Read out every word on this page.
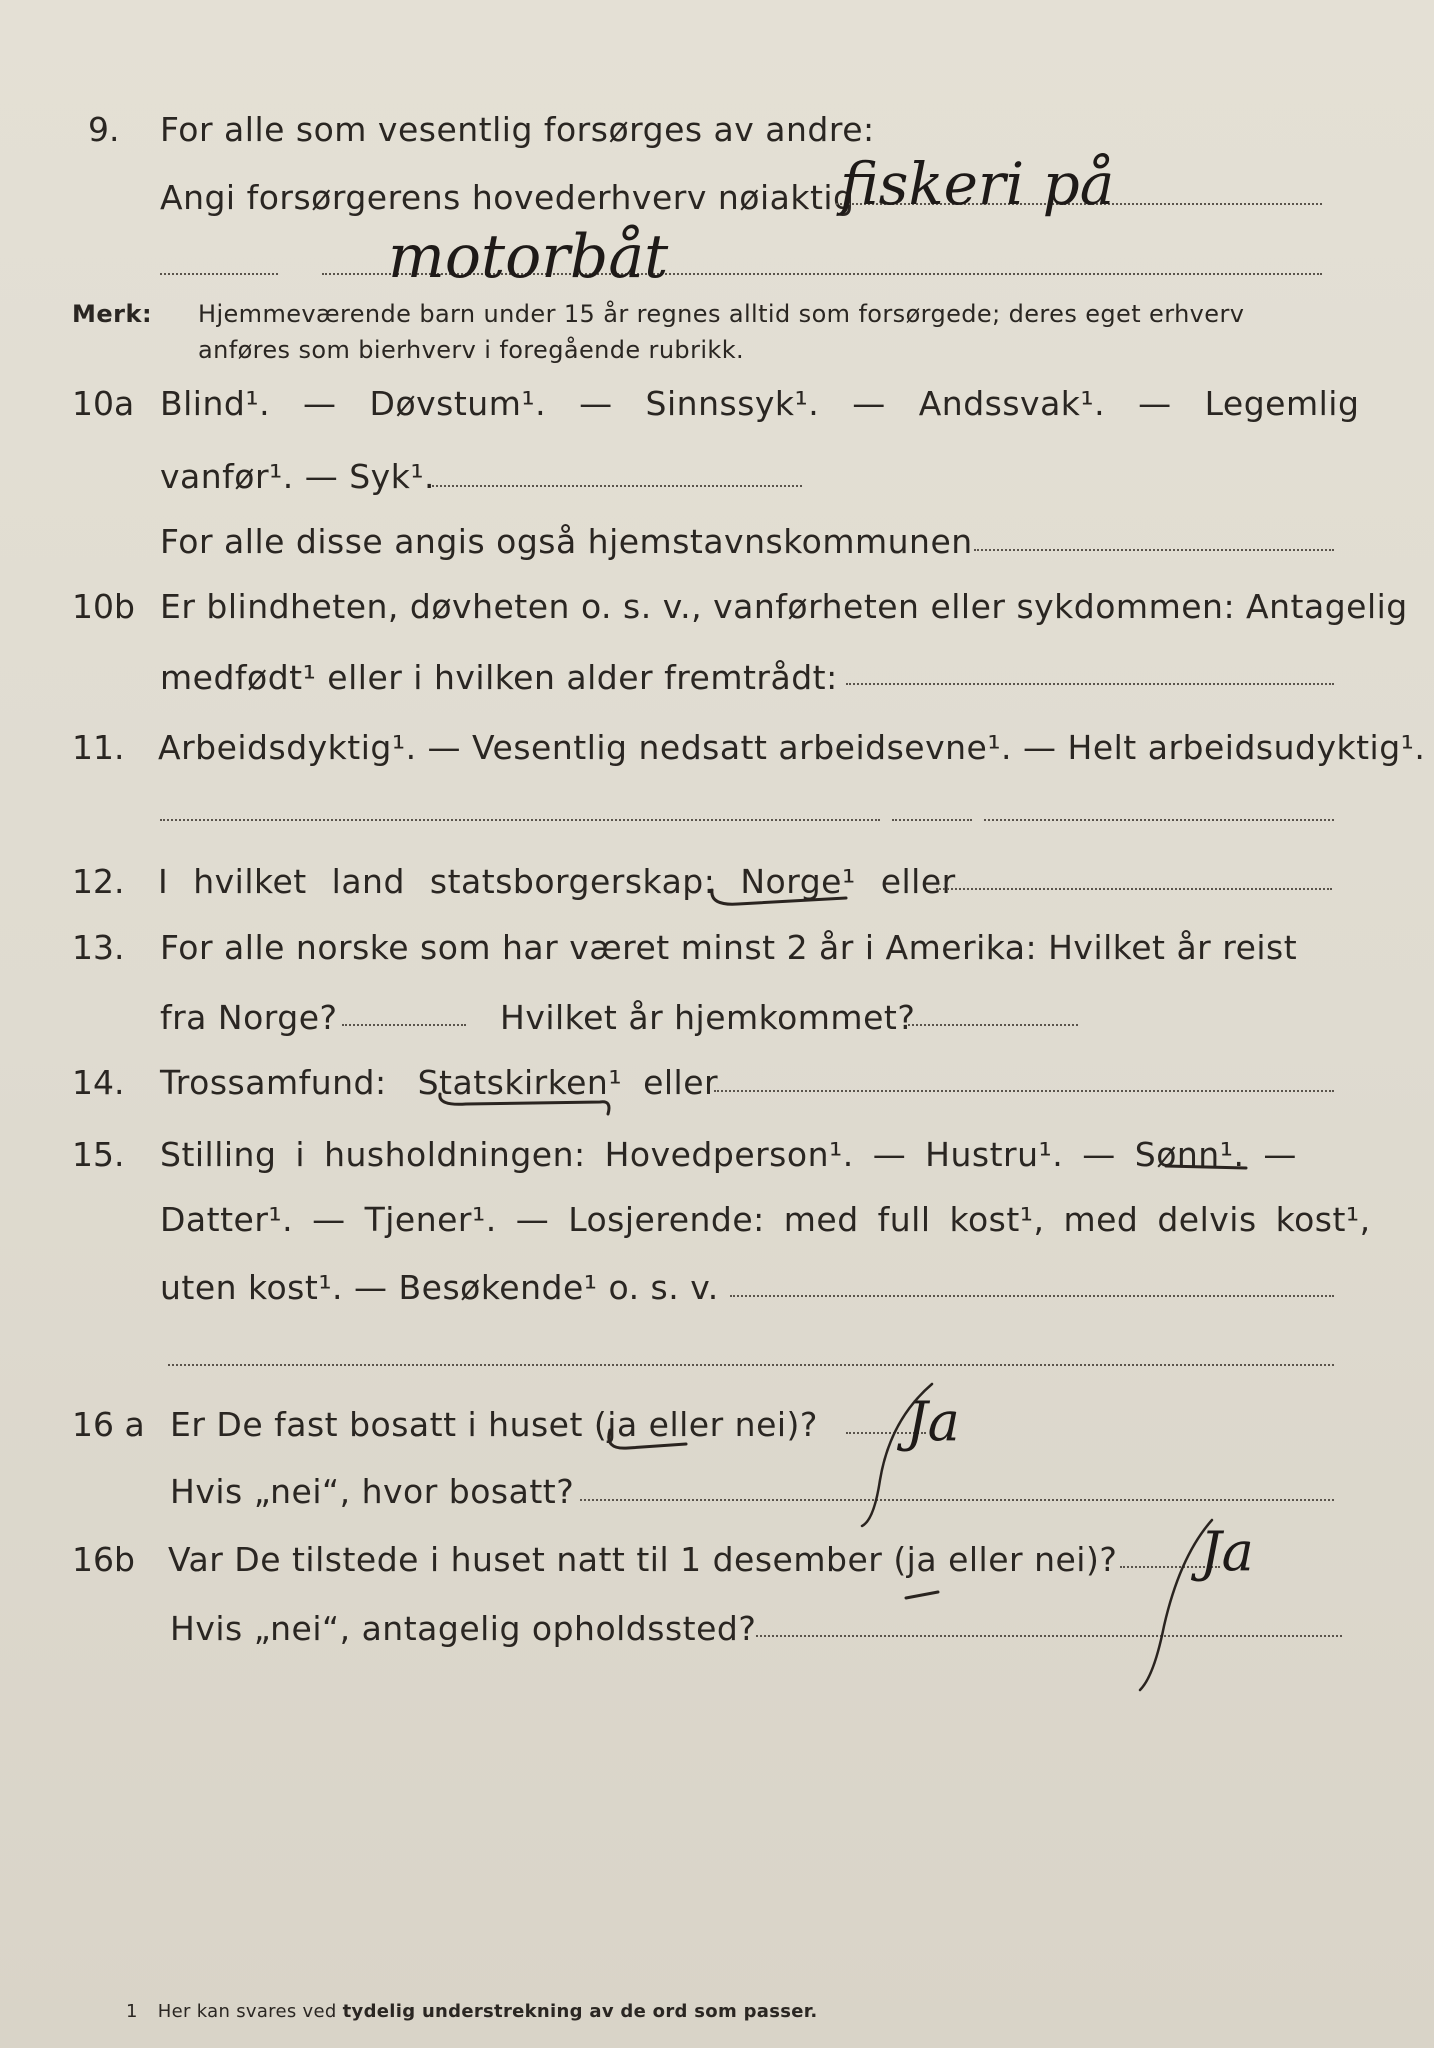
9. For alle som vesentlig forsørges av andre:
Angi forsørgerens hovederhverv nøiaktig
fiskeri på
motorbåt
Merk: Hjemmeværende barn under 15 år regnes alltid som forsørgede; deres eget erhverv
anføres som bierhverv i foregående rubrikk.
10a Blind¹. — Døvstum¹. — Sinnssyk¹. — Andssvak¹. — Legemlig
vanfør¹. — Syk¹.
For alle disse angis også hjemstavnskommunen
10b Er blindheten, døvheten o. s. v., vanførheten eller sykdommen: Antagelig
medfødt¹ eller i hvilken alder fremtrådt:
11. Arbeidsdyktig¹. — Vesentlig nedsatt arbeidsevne¹. — Helt arbeidsudyktig¹.
12. I hvilket land statsborgerskap: Norge¹ eller
13. For alle norske som har været minst 2 år i Amerika: Hvilket år reist
fra Norge?	Hvilket år hjemkommet?
14. Trossamfund: Statskirken¹ eller
15. Stilling i husholdningen: Hovedperson¹. — Hustru¹. — Sønn¹. —
Datter¹. — Tjener¹. — Losjerende: med full kost¹, med delvis kost¹,
uten kost¹. — Besøkende¹ o. s. v.
16 a Er De fast bosatt i huset (ja eller nei)? Ja
Hvis „nei“, hvor bosatt?
16b Var De tilstede i huset natt til 1 desember (ja eller nei)? Ja
Hvis „nei“, antagelig opholdssted?
1 Her kan svares ved tydelig understrekning av de ord som passer.
